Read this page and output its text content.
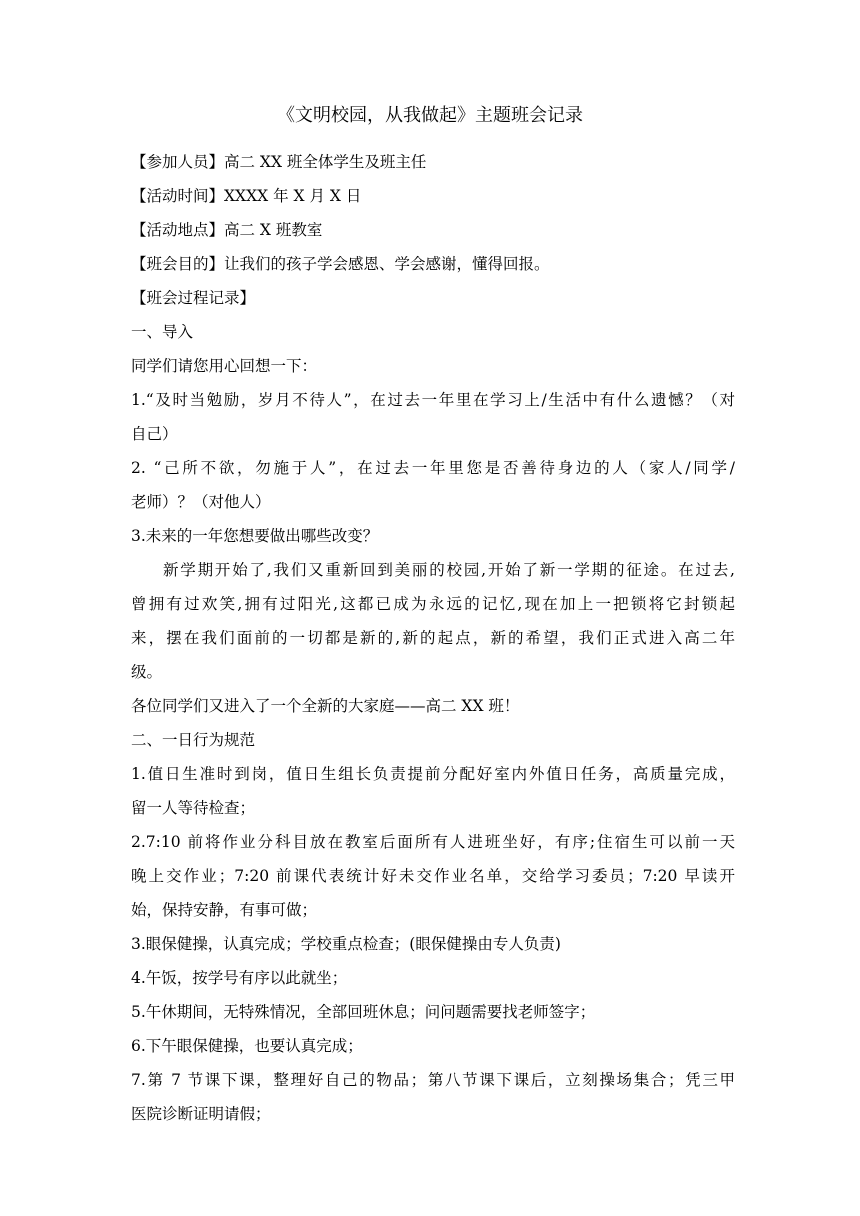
《文明校园，从我做起》主题班会记录
【参加人员】高二 XX 班全体学生及班主任
【活动时间】XXXX 年 X 月 X 日
【活动地点】高二 X 班教室
【班会目的】让我们的孩子学会感恩、学会感谢，懂得回报。
【班会过程记录】
一、导入
同学们请您用心回想一下：
1.“及时当勉励，岁月不待人”，在过去一年里在学习上/生活中有什么遗憾？（对
自己）
2. “己所不欲，勿施于人”，在过去一年里您是否善待身边的人（家人/同学/
老师）？（对他人）
3.未来的一年您想要做出哪些改变？
新学期开始了,我们又重新回到美丽的校园,开始了新一学期的征途。在过去,
曾拥有过欢笑,拥有过阳光,这都已成为永远的记忆,现在加上一把锁将它封锁起
来，摆在我们面前的一切都是新的,新的起点，新的希望，我们正式进入高二年
级。
各位同学们又进入了一个全新的大家庭——高二 XX 班！
二、一日行为规范
1.值日生准时到岗，值日生组长负责提前分配好室内外值日任务，高质量完成，
留一人等待检查；
2.7:10 前将作业分科目放在教室后面所有人进班坐好，有序;住宿生可以前一天
晚上交作业；7:20 前课代表统计好未交作业名单，交给学习委员；7:20 早读开
始，保持安静，有事可做；
3.眼保健操，认真完成；学校重点检查；(眼保健操由专人负责)
4.午饭，按学号有序以此就坐；
5.午休期间，无特殊情况，全部回班休息；问问题需要找老师签字；
6.下午眼保健操，也要认真完成；
7.第 7 节课下课，整理好自己的物品；第八节课下课后，立刻操场集合；凭三甲
医院诊断证明请假；
